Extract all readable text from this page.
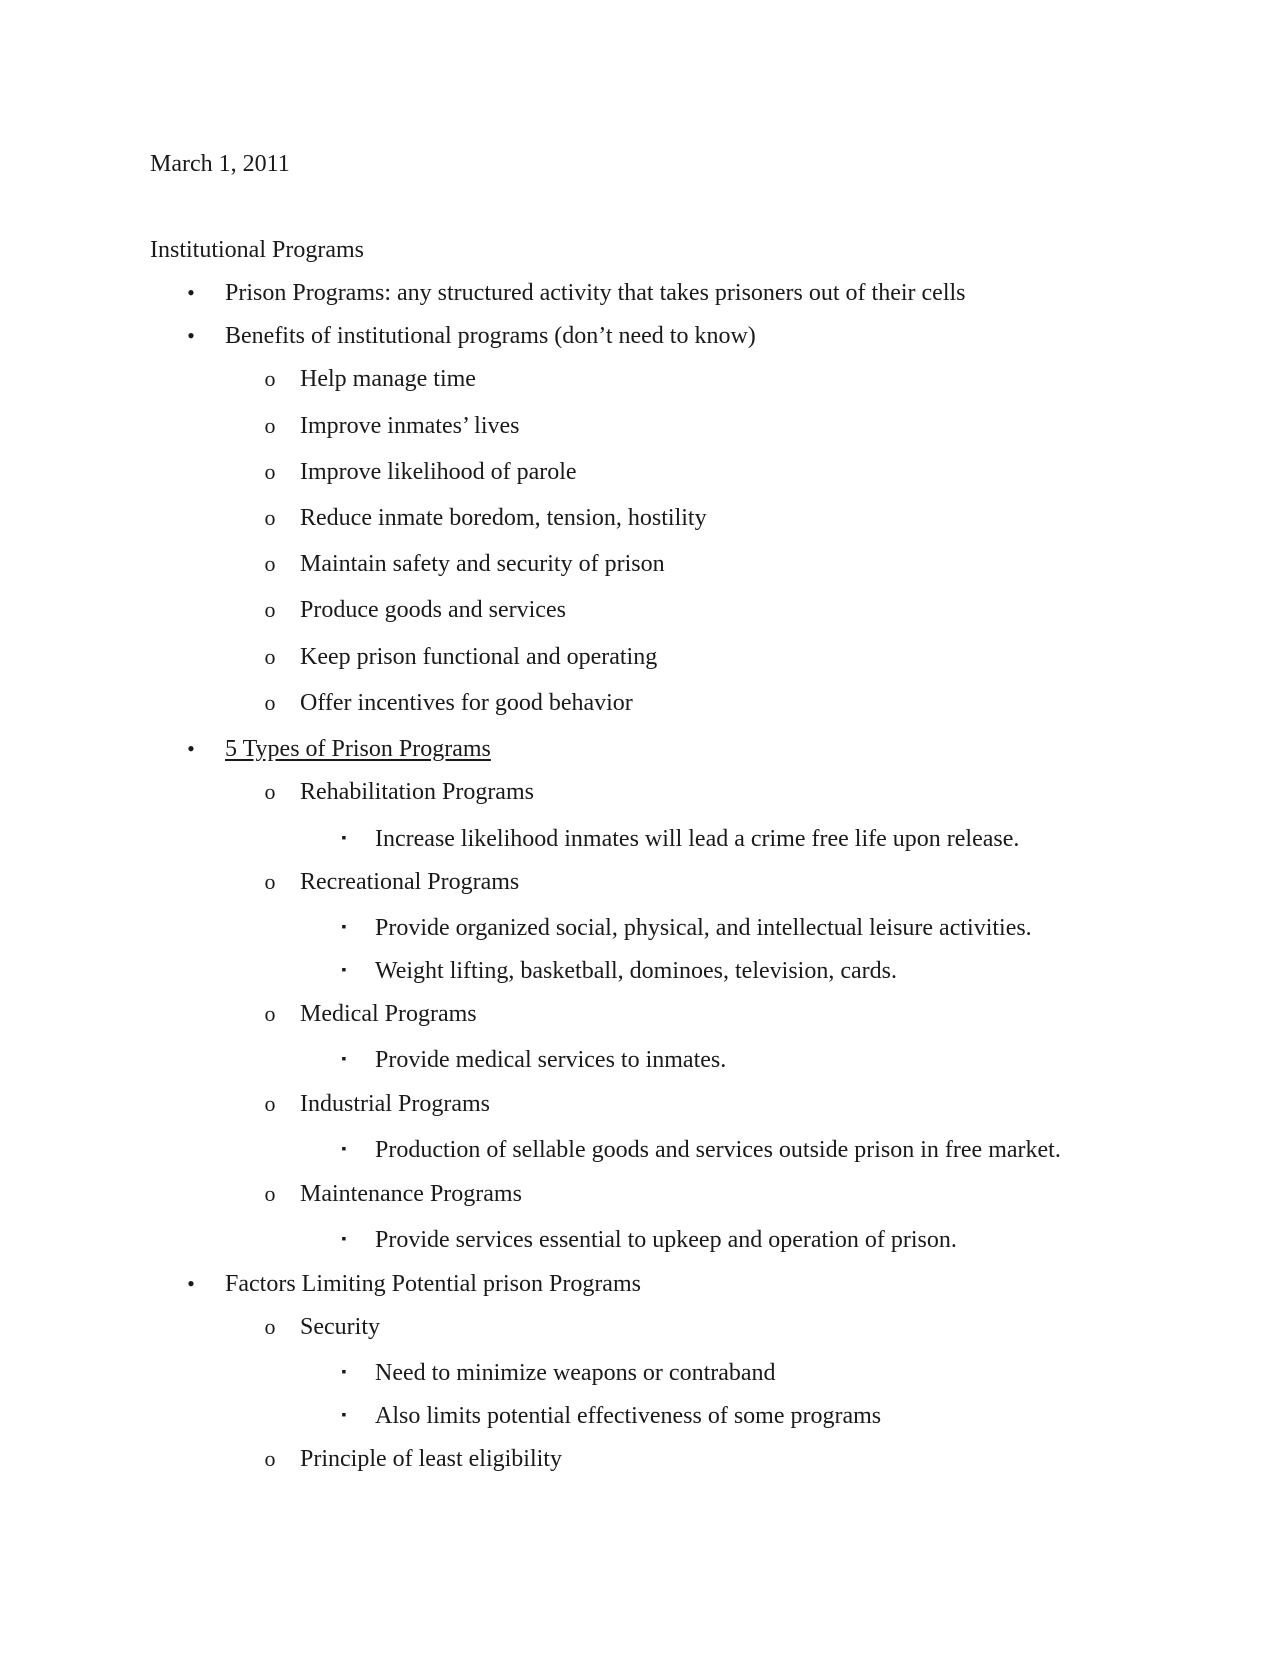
March 1, 2011
Institutional Programs
• Prison Programs: any structured activity that takes prisoners out of their cells
• Benefits of institutional programs (don’t need to know)
o Help manage time
o Improve inmates’ lives
o Improve likelihood of parole
o Reduce inmate boredom, tension, hostility
o Maintain safety and security of prison
o Produce goods and services
o Keep prison functional and operating
o Offer incentives for good behavior
• 5 Types of Prison Programs
o Rehabilitation Programs
▪	Increase likelihood inmates will lead a crime free life upon release.
o Recreational Programs
▪	Provide organized social, physical, and intellectual leisure activities.
▪	Weight lifting, basketball, dominoes, television, cards.
o Medical Programs
▪	Provide medical services to inmates.
o Industrial Programs
▪	Production of sellable goods and services outside prison in free market.
o Maintenance Programs
▪	Provide services essential to upkeep and operation of prison.
• Factors Limiting Potential prison Programs
o Security
▪	Need to minimize weapons or contraband
▪	Also limits potential effectiveness of some programs
o Principle of least eligibility
